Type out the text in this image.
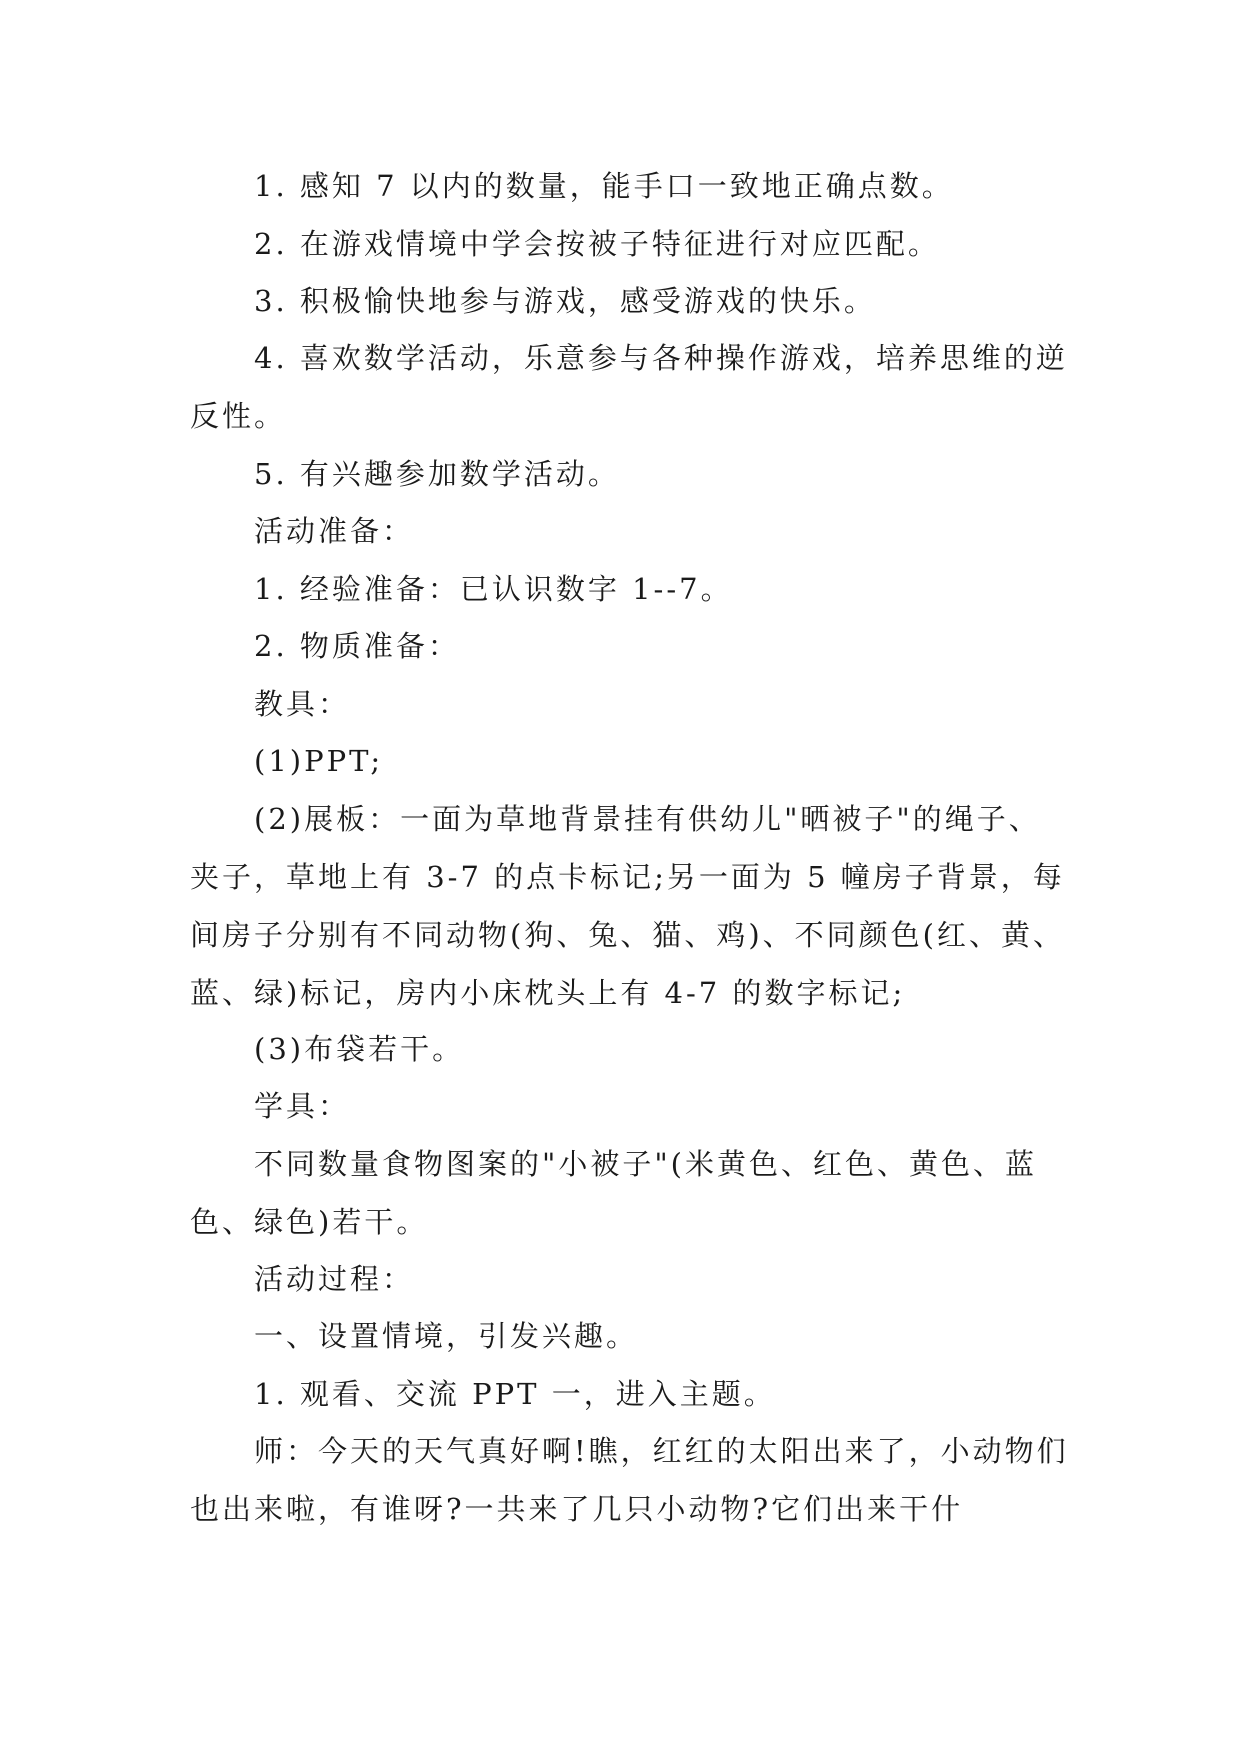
1. 感知 7 以内的数量，能手口一致地正确点数。

2. 在游戏情境中学会按被子特征进行对应匹配。

3. 积极愉快地参与游戏，感受游戏的快乐。

4. 喜欢数学活动，乐意参与各种操作游戏，培养思维的逆反性。

5. 有兴趣参加数学活动。

活动准备：

1. 经验准备：已认识数字 1--7。

2. 物质准备：

教具：

(1)PPT;

(2)展板：一面为草地背景挂有供幼儿"晒被子"的绳子、夹子，草地上有 3-7 的点卡标记;另一面为 5 幢房子背景，每间房子分别有不同动物(狗、兔、猫、鸡)、不同颜色(红、黄、蓝、绿)标记，房内小床枕头上有 4-7 的数字标记;

(3)布袋若干。

学具：

不同数量食物图案的"小被子"(米黄色、红色、黄色、蓝色、绿色)若干。

活动过程：

一、设置情境，引发兴趣。

1. 观看、交流 PPT 一，进入主题。

师：今天的天气真好啊!瞧，红红的太阳出来了，小动物们也出来啦，有谁呀?一共来了几只小动物?它们出来干什
